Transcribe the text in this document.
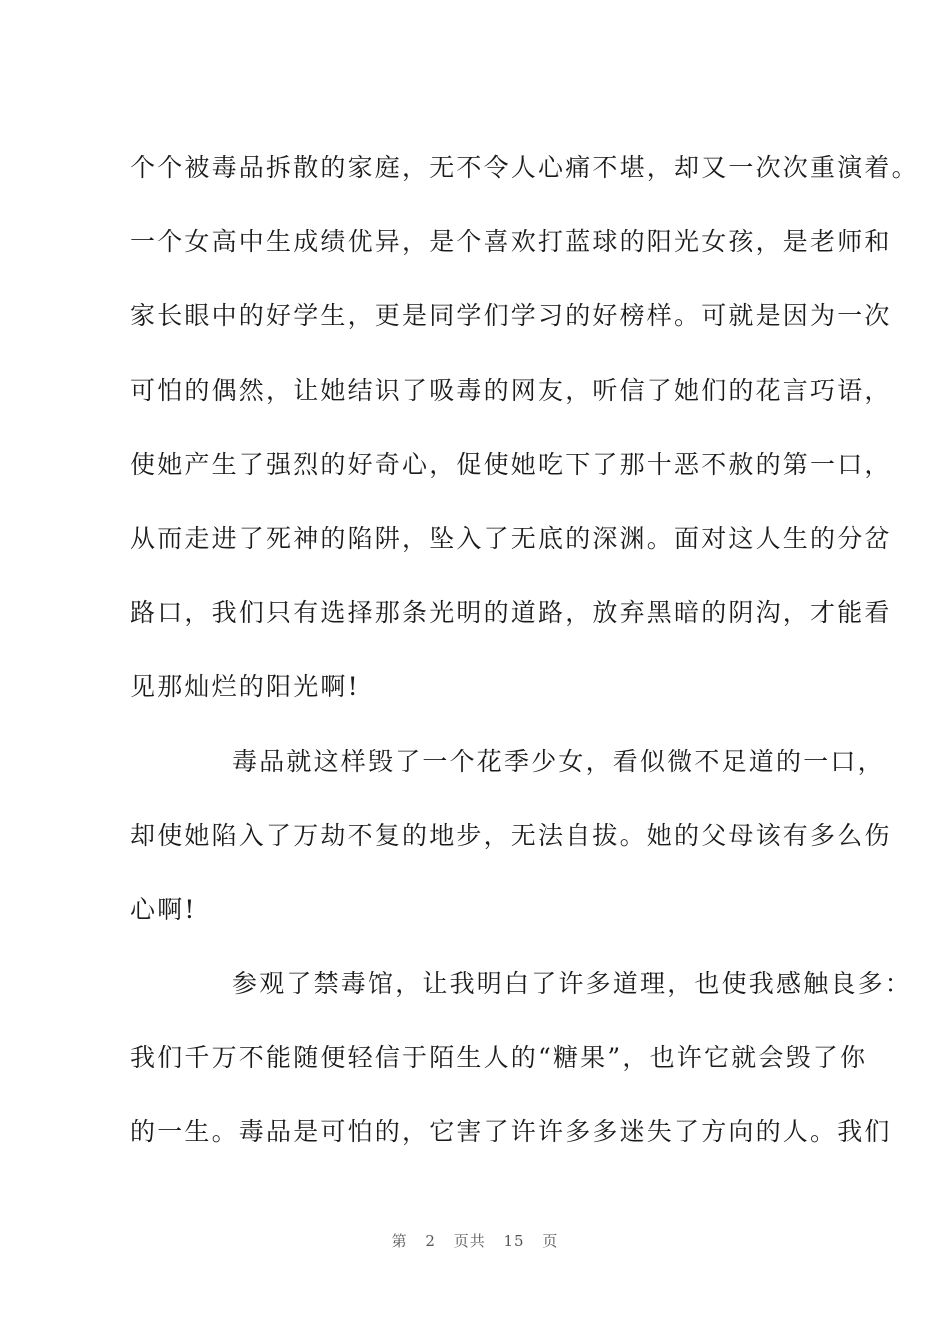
个个被毒品拆散的家庭，无不令人心痛不堪，却又一次次重演着。
一个女高中生成绩优异，是个喜欢打蓝球的阳光女孩，是老师和
家长眼中的好学生，更是同学们学习的好榜样。可就是因为一次
可怕的偶然，让她结识了吸毒的网友，听信了她们的花言巧语，
使她产生了强烈的好奇心，促使她吃下了那十恶不赦的第一口，
从而走进了死神的陷阱，坠入了无底的深渊。面对这人生的分岔
路口，我们只有选择那条光明的道路，放弃黑暗的阴沟，才能看
见那灿烂的阳光啊!
毒品就这样毁了一个花季少女，看似微不足道的一口，
却使她陷入了万劫不复的地步，无法自拔。她的父母该有多么伤
心啊!
参观了禁毒馆，让我明白了许多道理，也使我感触良多：
我们千万不能随便轻信于陌生人的“糖果”，也许它就会毁了你
的一生。毒品是可怕的，它害了许许多多迷失了方向的人。我们
第 2 页共 15 页
